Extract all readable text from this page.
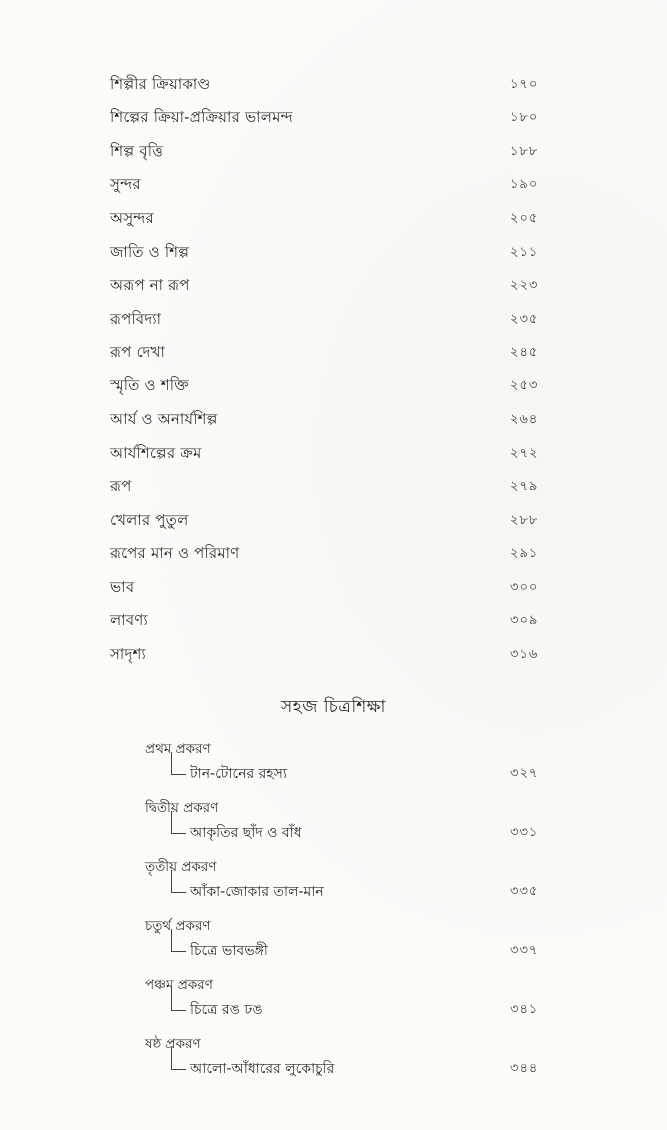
শিল্পীর ক্রিয়াকাণ্ড	১৭০
শিল্পের ক্রিয়া-প্রক্রিয়ার ভালমন্দ	১৮০
শিল্প বৃত্তি	১৮৮
সুন্দর	১৯০
অসুন্দর	২০৫
জাতি ও শিল্প	২১১
অরূপ না রূপ	২২৩
রূপবিদ্যা	২৩৫
রূপ দেখা	২৪৫
স্মৃতি ও শক্তি	২৫৩
আর্য ও অনার্যশিল্প	২৬৪
আর্যশিল্পের ক্রম	২৭২
রূপ	২৭৯
খেলার পুতুল	২৮৮
রূপের মান ও পরিমাণ	২৯১
ভাব	৩০০
লাবণ্য	৩০৯
সাদৃশ্য	৩১৬
সহজ চিত্রশিক্ষা
প্রথম প্রকরণ
টান-টোনের রহস্য	৩২৭
দ্বিতীয় প্রকরণ
আকৃতির ছাঁদ ও বাঁধ	৩৩১
তৃতীয় প্রকরণ
আঁকা-জোকার তাল-মান	৩৩৫
চতুর্থ প্রকরণ
চিত্রে ভাবভঙ্গী	৩৩৭
পঞ্চম প্রকরণ
চিত্রে রঙ ঢঙ	৩৪১
ষষ্ঠ প্রকরণ
আলো-আঁধারের লুকোচুরি	৩৪৪
